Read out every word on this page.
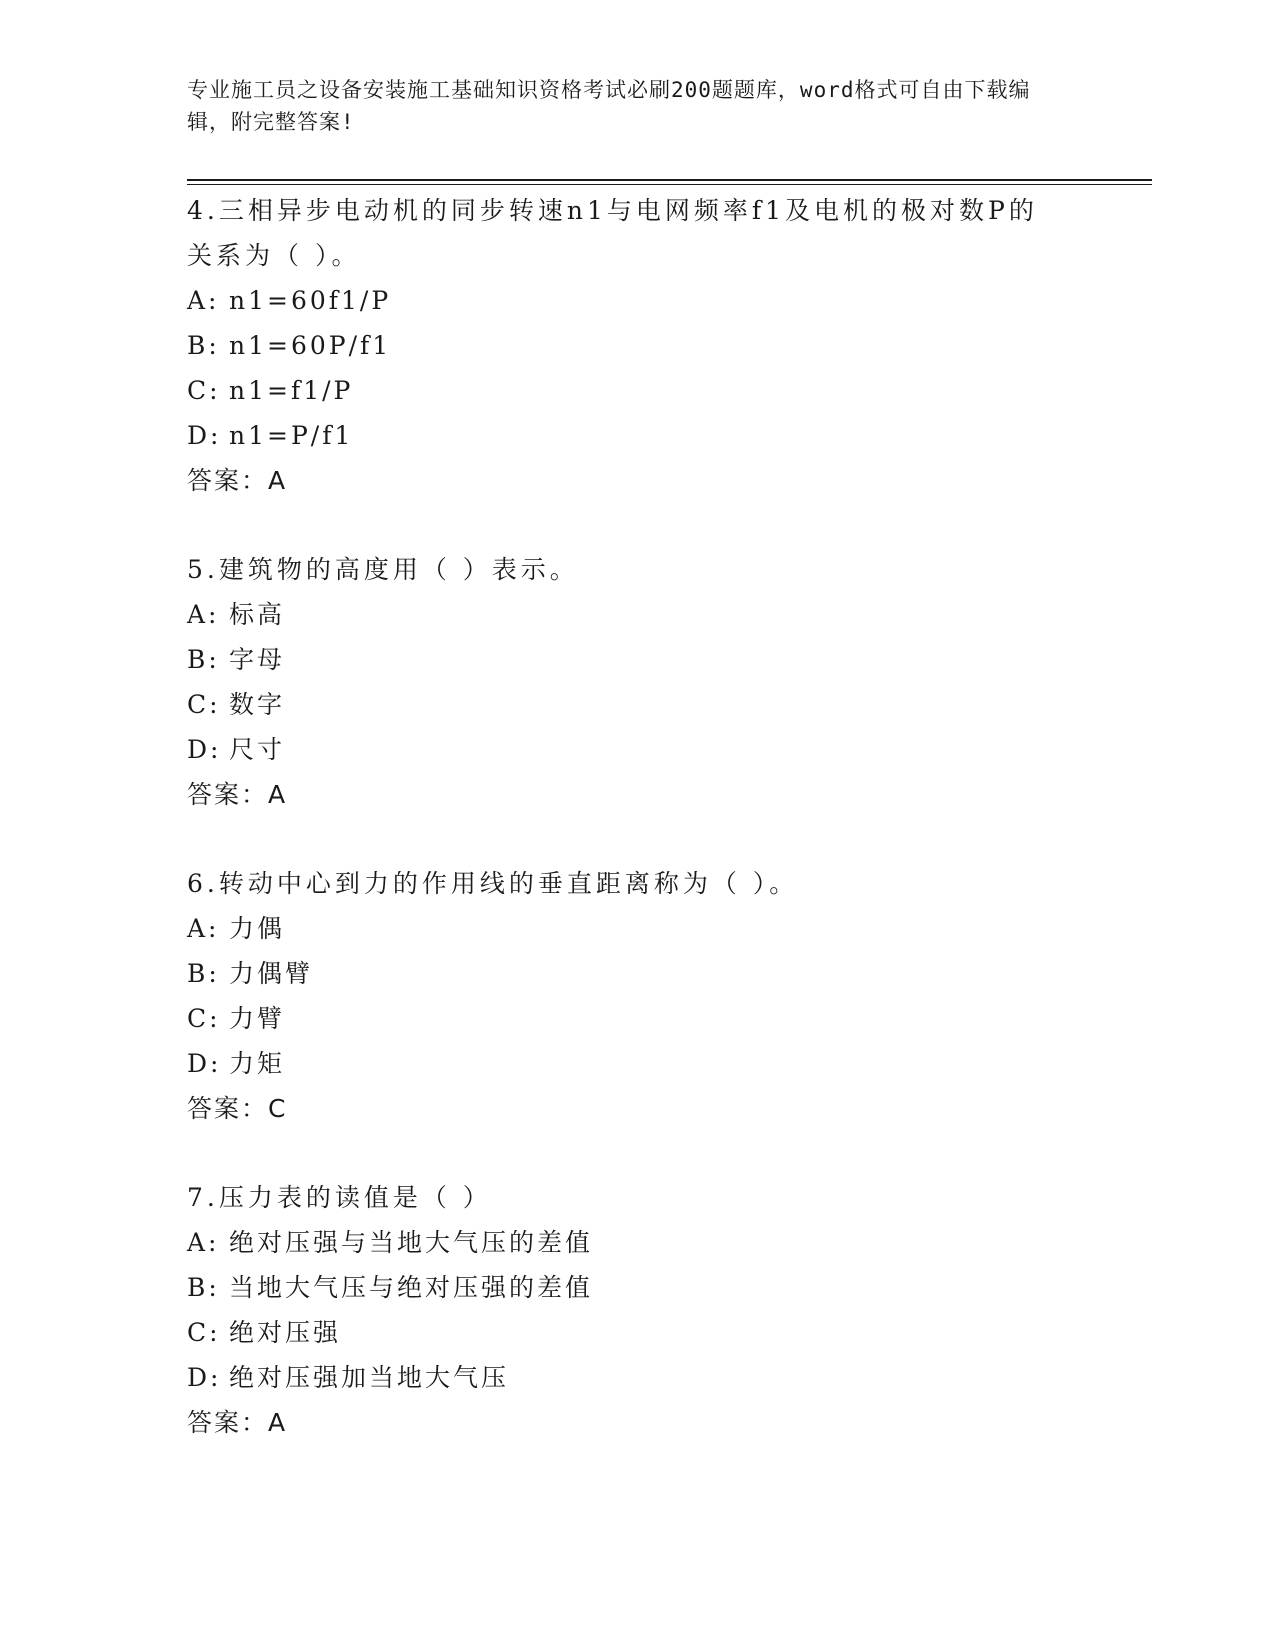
专业施工员之设备安装施工基础知识资格考试必刷200题题库，word格式可自由下载编辑，附完整答案!

4.三相异步电动机的同步转速n1与电网频率f1及电机的极对数P的关系为（ ）。

A: n1=60f1/P

B: n1=60P/f1

C: n1=f1/P

D: n1=P/f1

答案：A

5.建筑物的高度用（ ）表示。

A: 标高

B: 字母

C: 数字

D: 尺寸

答案：A

6.转动中心到力的作用线的垂直距离称为（ ）。

A: 力偶

B: 力偶臂

C: 力臂

D: 力矩

答案：C

7.压力表的读值是（ ）

A: 绝对压强与当地大气压的差值

B: 当地大气压与绝对压强的差值

C: 绝对压强

D: 绝对压强加当地大气压

答案：A
